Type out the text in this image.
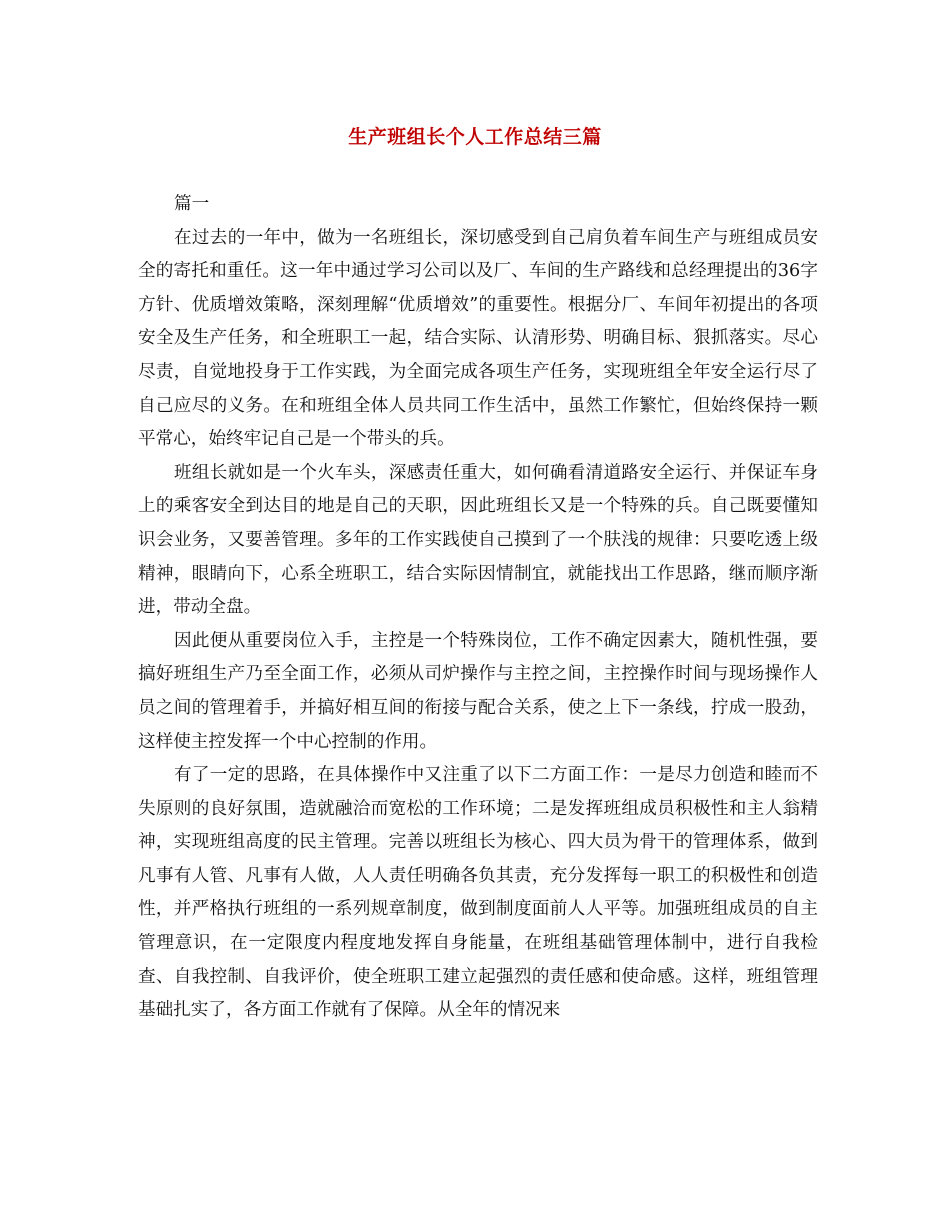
生产班组长个人工作总结三篇

篇一

在过去的一年中，做为一名班组长，深切感受到自己肩负着车间生产与班组成员安全的寄托和重任。这一年中通过学习公司以及厂、车间的生产路线和总经理提出的36字方针、优质增效策略，深刻理解“优质增效”的重要性。根据分厂、车间年初提出的各项安全及生产任务，和全班职工一起，结合实际、认清形势、明确目标、狠抓落实。尽心尽责，自觉地投身于工作实践，为全面完成各项生产任务，实现班组全年安全运行尽了自己应尽的义务。在和班组全体人员共同工作生活中，虽然工作繁忙，但始终保持一颗平常心，始终牢记自己是一个带头的兵。

班组长就如是一个火车头，深感责任重大，如何确看清道路安全运行、并保证车身上的乘客安全到达目的地是自己的天职，因此班组长又是一个特殊的兵。自己既要懂知识会业务，又要善管理。多年的工作实践使自己摸到了一个肤浅的规律：只要吃透上级精神，眼睛向下，心系全班职工，结合实际因情制宜，就能找出工作思路，继而顺序渐进，带动全盘。

因此便从重要岗位入手，主控是一个特殊岗位，工作不确定因素大，随机性强，要搞好班组生产乃至全面工作，必须从司炉操作与主控之间，主控操作时间与现场操作人员之间的管理着手，并搞好相互间的衔接与配合关系，使之上下一条线，拧成一股劲，这样使主控发挥一个中心控制的作用。

有了一定的思路，在具体操作中又注重了以下二方面工作：一是尽力创造和睦而不失原则的良好氛围，造就融洽而宽松的工作环境；二是发挥班组成员积极性和主人翁精神，实现班组高度的民主管理。完善以班组长为核心、四大员为骨干的管理体系，做到凡事有人管、凡事有人做，人人责任明确各负其责，充分发挥每一职工的积极性和创造性，并严格执行班组的一系列规章制度，做到制度面前人人平等。加强班组成员的自主管理意识，在一定限度内程度地发挥自身能量，在班组基础管理体制中，进行自我检查、自我控制、自我评价，使全班职工建立起强烈的责任感和使命感。这样，班组管理基础扎实了，各方面工作就有了保障。从全年的情况来
